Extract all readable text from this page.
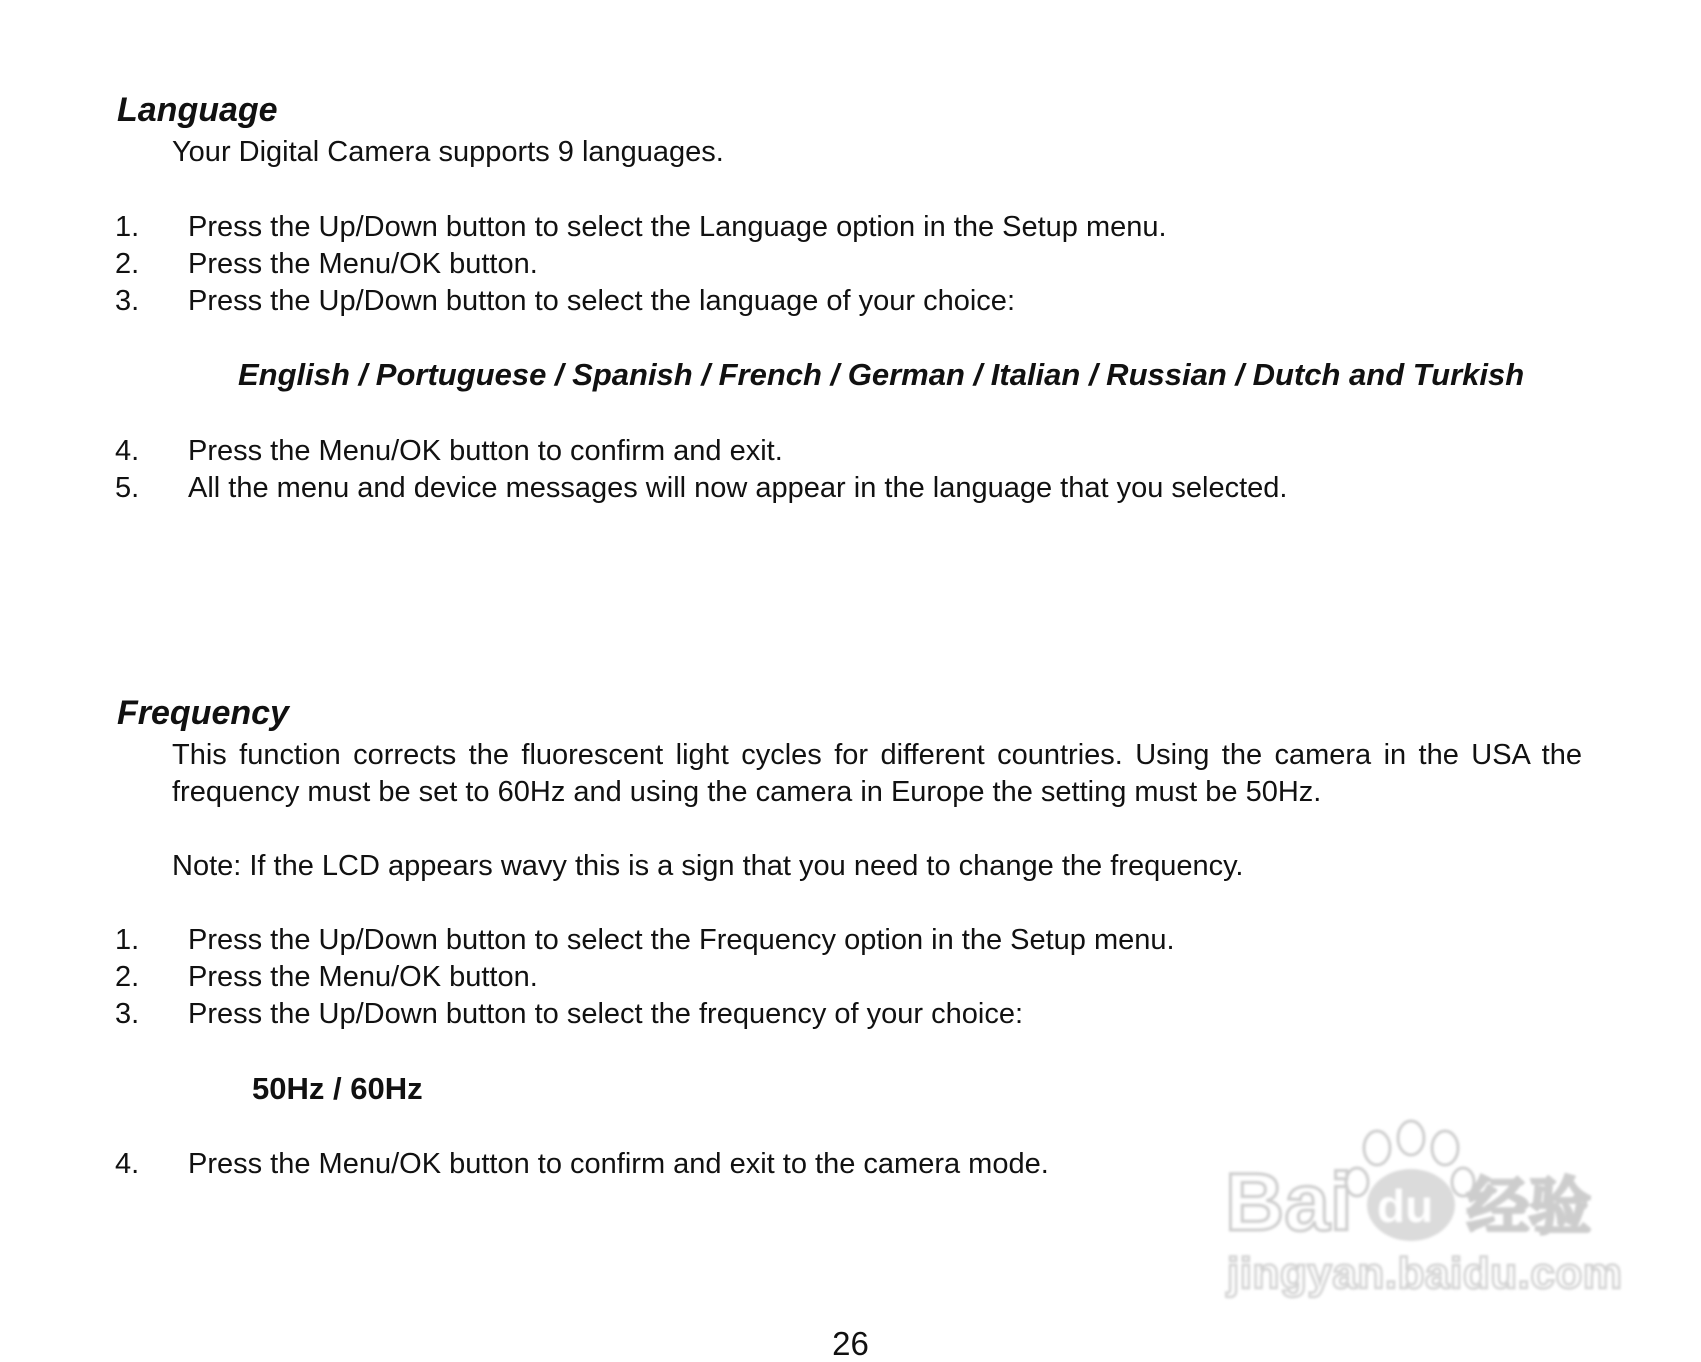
Language

Your Digital Camera supports 9 languages.

1. Press the Up/Down button to select the Language option in the Setup menu.
2. Press the Menu/OK button.
3. Press the Up/Down button to select the language of your choice:

English / Portuguese / Spanish / French / German / Italian / Russian / Dutch and Turkish

4. Press the Menu/OK button to confirm and exit.
5. All the menu and device messages will now appear in the language that you selected.
Frequency

This function corrects the fluorescent light cycles for different countries. Using the camera in the USA the frequency must be set to 60Hz and using the camera in Europe the setting must be 50Hz.

Note: If the LCD appears wavy this is a sign that you need to change the frequency.

1. Press the Up/Down button to select the Frequency option in the Setup menu.
2. Press the Menu/OK button.
3. Press the Up/Down button to select the frequency of your choice:

50Hz / 60Hz

4. Press the Menu/OK button to confirm and exit to the camera mode. Bai du 经验
jingyan.baidu.com
26
